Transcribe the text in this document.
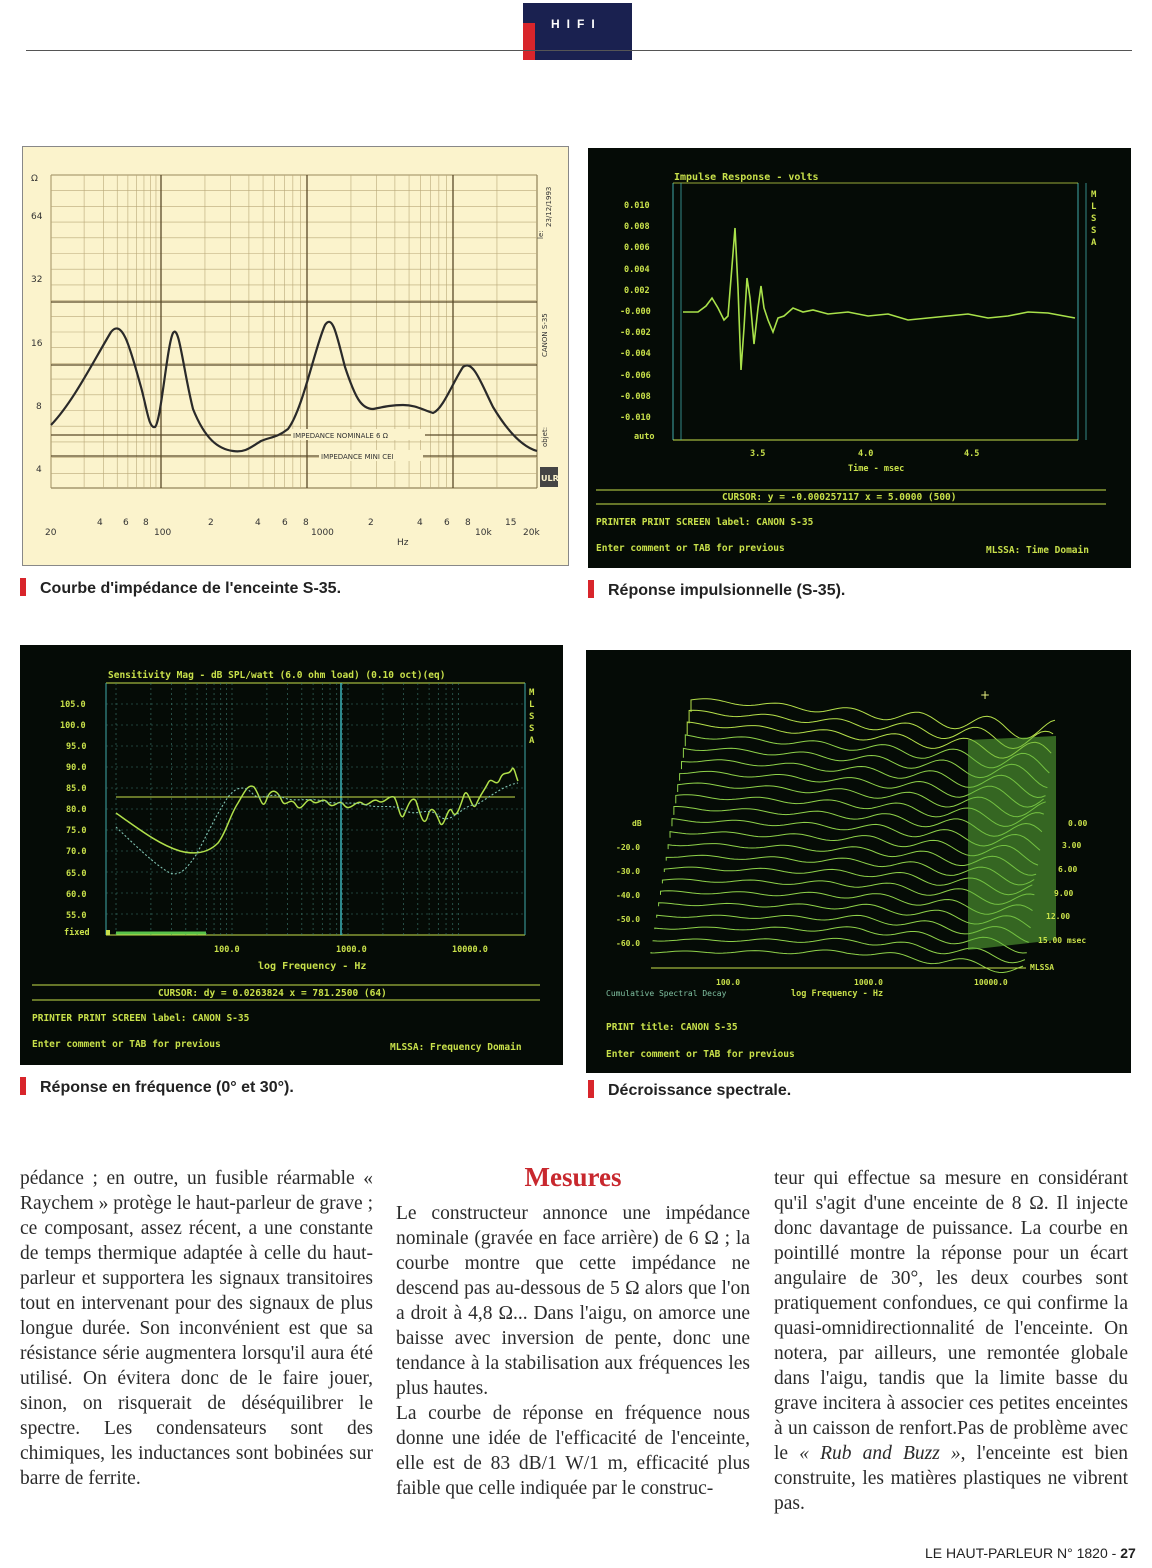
HIFI
IMPEDANCE NOMINALE 6 Ω
IMPEDANCE MINI CEI
Ω
64
32
16
8
4
20
4 6 8
100
2	4 6 8
1000
2	4 6 8
10k
15
20k
Hz
le:
23/12/1993
CANON S-35
objet:
ULR
Courbe d'impédance de l'enceinte S-35.
Impulse Response - volts
0.010
0.008
0.006
0.004
0.002
-0.000
-0.002
-0.004
-0.006
-0.008
-0.010
auto
3.5	4.0	4.5
Time - msec
M L S S A
CURSOR: y = -0.000257117 x = 5.0000 (500)
PRINTER PRINT SCREEN label: CANON S-35
Enter comment or TAB for previous	MLSSA: Time Domain
Réponse impulsionnelle (S-35).
Sensitivity Mag - dB SPL/watt (6.0 ohm load) (0.10 oct)(eq)
105.0
100.0
95.0
90.0
85.0
80.0
75.0
70.0
65.0
60.0
55.0
fixed
100.0	1000.0	10000.0
log Frequency - Hz
M L S S A
CURSOR: dy = 0.0263824 x = 781.2500 (64)
PRINTER PRINT SCREEN label: CANON S-35
Enter comment or TAB for previous	MLSSA: Frequency Domain
Réponse en fréquence (0° et 30°).
dB
-20.0
-30.0
-40.0
-50.0
-60.0
0.00
3.00
6.00
9.00
12.00
15.00 msec
MLSSA
100.0	1000.0	10000.0
Cumulative Spectral Decay	log Frequency - Hz
PRINT title: CANON S-35
Enter comment or TAB for previous
+
Décroissance spectrale.

pédance ; en outre, un fusible réarmable « Raychem » protège le haut-parleur de grave ; ce composant, assez récent, a une constante de temps thermique adaptée à celle du haut-parleur et supportera les signaux transitoires tout en intervenant pour des signaux de plus longue durée. Son inconvénient est que sa résistance série augmentera lorsqu'il aura été utilisé. On évitera donc de le faire jouer, sinon, on risquerait de déséquilibrer le spectre. Les condensateurs sont des chimiques, les inductances sont bobinées sur barre de ferrite.

Mesures

Le constructeur annonce une impédance nominale (gravée en face arrière) de 6 Ω ; la courbe montre que cette impédance ne descend pas au-dessous de 5 Ω alors que l'on a droit à 4,8 Ω... Dans l'aigu, on amorce une baisse avec inversion de pente, donc une tendance à la stabilisation aux fréquences les plus hautes.

La courbe de réponse en fréquence nous donne une idée de l'efficacité de l'enceinte, elle est de 83 dB/1 W/1 m, efficacité plus faible que celle indiquée par le construc-

teur qui effectue sa mesure en considérant qu'il s'agit d'une enceinte de 8 Ω. Il injecte donc davantage de puissance. La courbe en pointillé montre la réponse pour un écart angulaire de 30°, les deux courbes sont pratiquement confondues, ce qui confirme la quasi-omnidirectionnalité de l'enceinte. On notera, par ailleurs, une remontée globale dans l'aigu, tandis que la limite basse du grave incitera à associer ces petites enceintes à un caisson de renfort.Pas de problème avec le « Rub and Buzz », l'enceinte est bien construite, les matières plastiques ne vibrent pas.

LE HAUT-PARLEUR N° 1820 - 27
